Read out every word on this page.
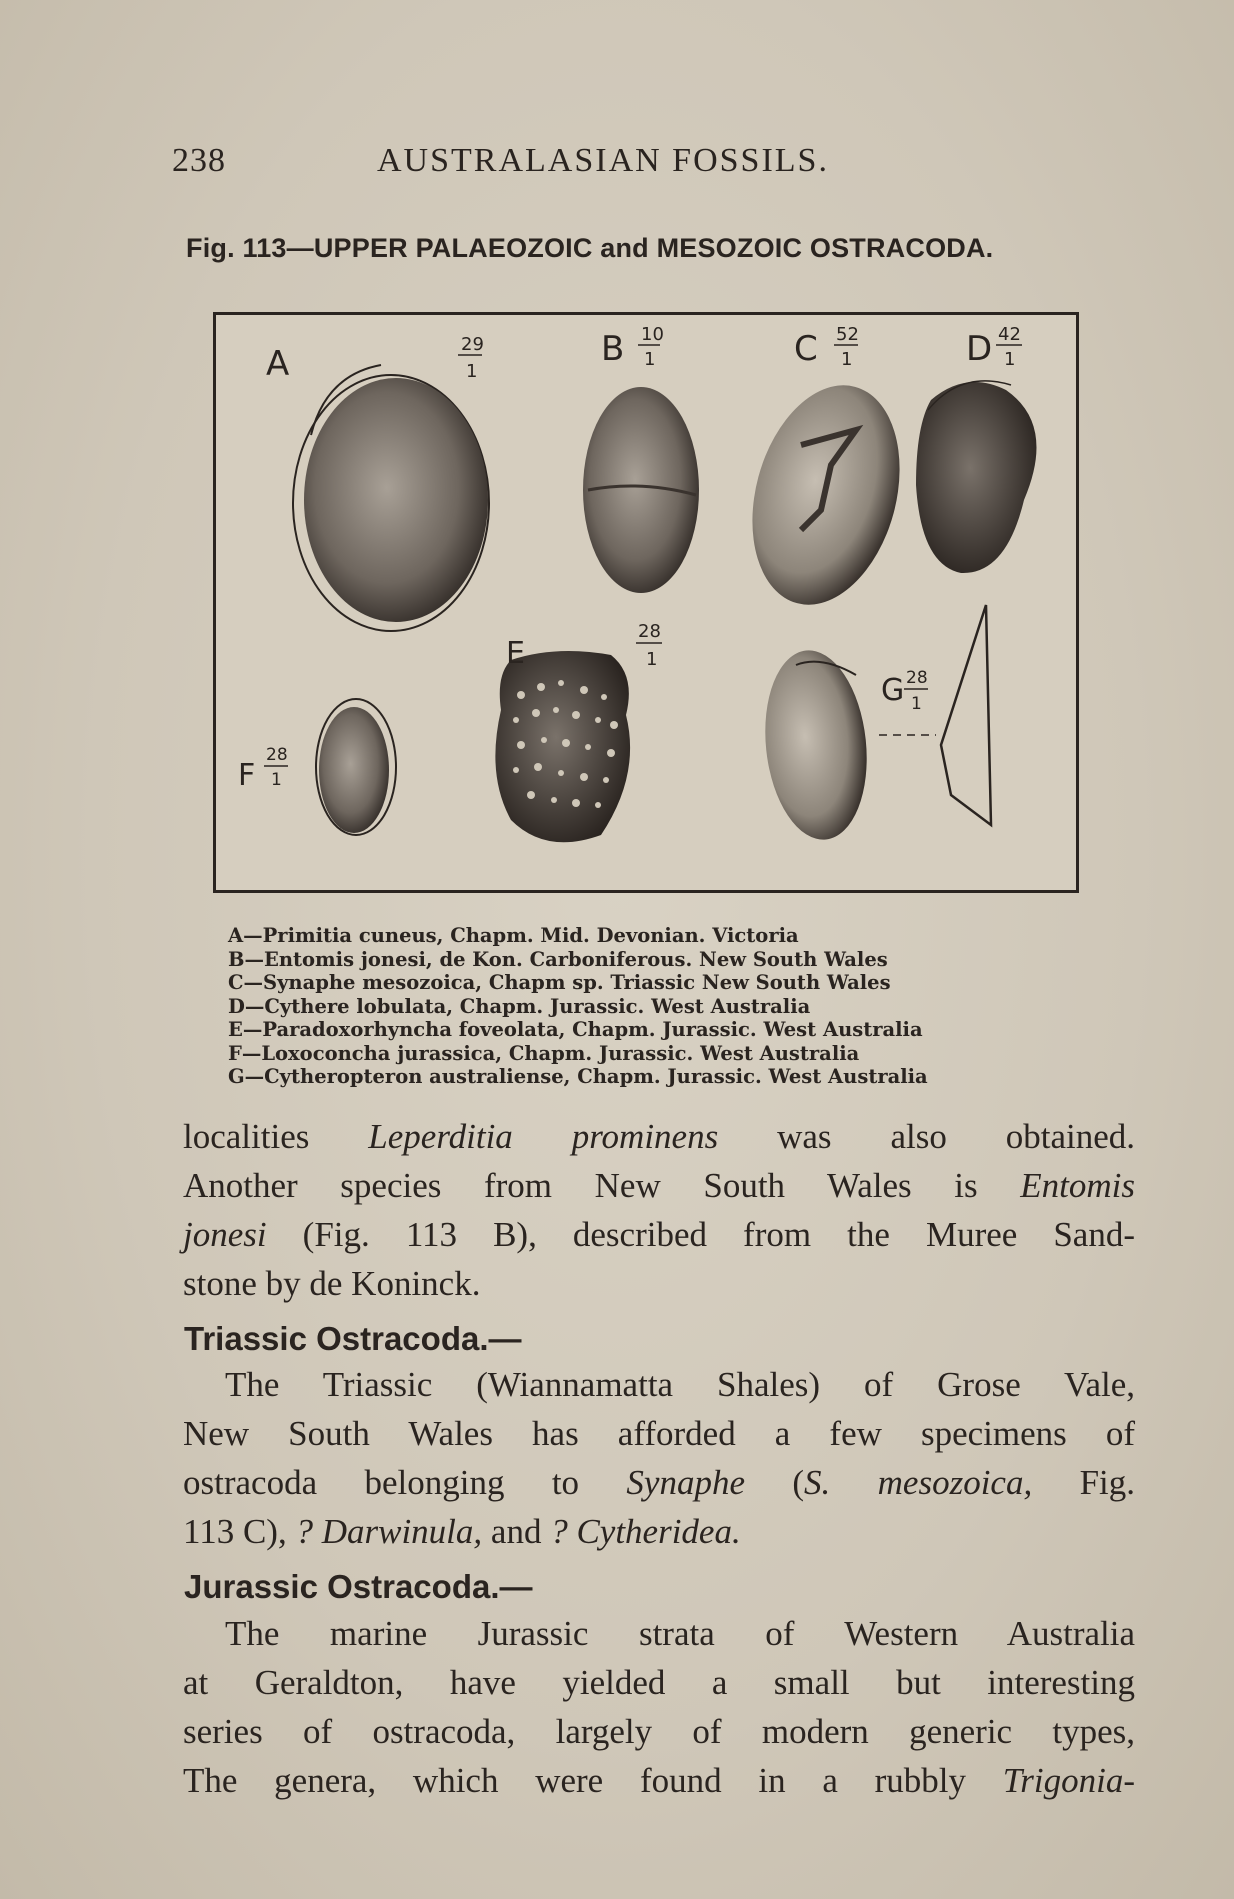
238	AUSTRALASIAN FOSSILS.
Fig. 113—UPPER PALAEOZOIC and MESOZOIC OSTRACODA.
A	29
1
B 10
1	C 52
1	D 42
1
E
28
1
F
28
1
G 28
1
A—Primitia cuneus, Chapm. Mid. Devonian. Victoria
B—Entomis jonesi, de Kon. Carboniferous. New South Wales
C—Synaphe mesozoica, Chapm sp. Triassic New South Wales
D—Cythere lobulata, Chapm. Jurassic. West Australia
E—Paradoxorhyncha foveolata, Chapm. Jurassic. West Australia
F—Loxoconcha jurassica, Chapm. Jurassic. West Australia
G—Cytheropteron australiense, Chapm. Jurassic. West Australia
localities Leperditia prominens was also obtained.
Another species from New South Wales is Entomis
jonesi (Fig. 113 B), described from the Muree Sand-
stone by de Koninck.
Triassic Ostracoda.—
The Triassic (Wiannamatta Shales) of Grose Vale,
New South Wales has afforded a few specimens of
ostracoda belonging to Synaphe (S. mesozoica, Fig.
113 C), ? Darwinula, and ? Cytheridea.
Jurassic Ostracoda.—
The marine Jurassic strata of Western Australia
at Geraldton, have yielded a small but interesting
series of ostracoda, largely of modern generic types,
The genera, which were found in a rubbly Trigonia-
